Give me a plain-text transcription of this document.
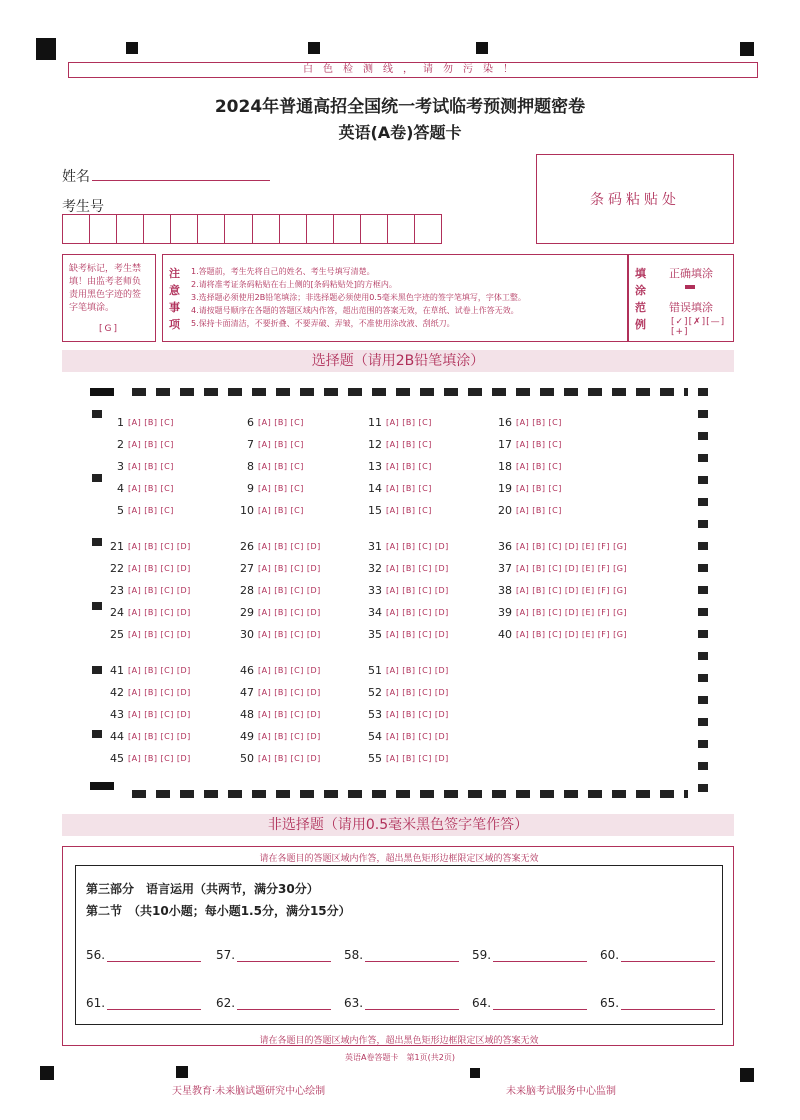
白色检测线，请勿污染！
2024年普通高招全国统一考试临考预测押题密卷
英语(A卷)答题卡
姓名
考生号	条码粘贴处
缺考标记，考生禁填！由监考老师负责用黑色字迹的签字笔填涂。
[G]
注意事项
1.答题前，考生先将自己的姓名、考生号填写清楚。
2.请将准考证条码粘贴在右上侧的[条码粘贴处]的方框内。
3.选择题必须使用2B铅笔填涂；非选择题必须使用0.5毫米黑色字迹的签字笔填写，字体工整。
4.请按题号顺序在各题的答题区域内作答，超出范围的答案无效，在草纸、试卷上作答无效。
5.保持卡面清洁，不要折叠、不要弄破、弄皱，不准使用涂改液、刮纸刀。
填涂范例
正确填涂
错误填涂
[✓][✗][—][+]
选择题（请用2B铅笔填涂）
1 [A] [B] [C]
2 [A] [B] [C]
3 [A] [B] [C]
4 [A] [B] [C]
5 [A] [B] [C]
6 [A] [B] [C]
7 [A] [B] [C]
8 [A] [B] [C]
9 [A] [B] [C]
10 [A] [B] [C]
11 [A] [B] [C]
12 [A] [B] [C]
13 [A] [B] [C]
14 [A] [B] [C]
15 [A] [B] [C]
16 [A] [B] [C]
17 [A] [B] [C]
18 [A] [B] [C]
19 [A] [B] [C]
20 [A] [B] [C]
21 [A] [B] [C] [D]
22 [A] [B] [C] [D]
23 [A] [B] [C] [D]
24 [A] [B] [C] [D]
25 [A] [B] [C] [D]
26 [A] [B] [C] [D]
27 [A] [B] [C] [D]
28 [A] [B] [C] [D]
29 [A] [B] [C] [D]
30 [A] [B] [C] [D]
31 [A] [B] [C] [D]
32 [A] [B] [C] [D]
33 [A] [B] [C] [D]
34 [A] [B] [C] [D]
35 [A] [B] [C] [D]
36 [A] [B] [C] [D] [E] [F] [G]
37 [A] [B] [C] [D] [E] [F] [G]
38 [A] [B] [C] [D] [E] [F] [G]
39 [A] [B] [C] [D] [E] [F] [G]
40 [A] [B] [C] [D] [E] [F] [G]
41 [A] [B] [C] [D]
42 [A] [B] [C] [D]
43 [A] [B] [C] [D]
44 [A] [B] [C] [D]
45 [A] [B] [C] [D]
46 [A] [B] [C] [D]
47 [A] [B] [C] [D]
48 [A] [B] [C] [D]
49 [A] [B] [C] [D]
50 [A] [B] [C] [D]
51 [A] [B] [C] [D]
52 [A] [B] [C] [D]
53 [A] [B] [C] [D]
54 [A] [B] [C] [D]
55 [A] [B] [C] [D]
非选择题（请用0.5毫米黑色签字笔作答）
请在各题目的答题区域内作答，超出黑色矩形边框限定区域的答案无效
第三部分　语言运用（共两节，满分30分）
第二节　（共10小题；每小题1.5分，满分15分）
56.	57.	58.	59.	60.
61.	62.	63.	64.	65.
请在各题目的答题区域内作答，超出黑色矩形边框限定区域的答案无效
英语A卷答题卡　第1页(共2页)
天星教育·未来脑试题研究中心绘制	未来脑考试服务中心监制
